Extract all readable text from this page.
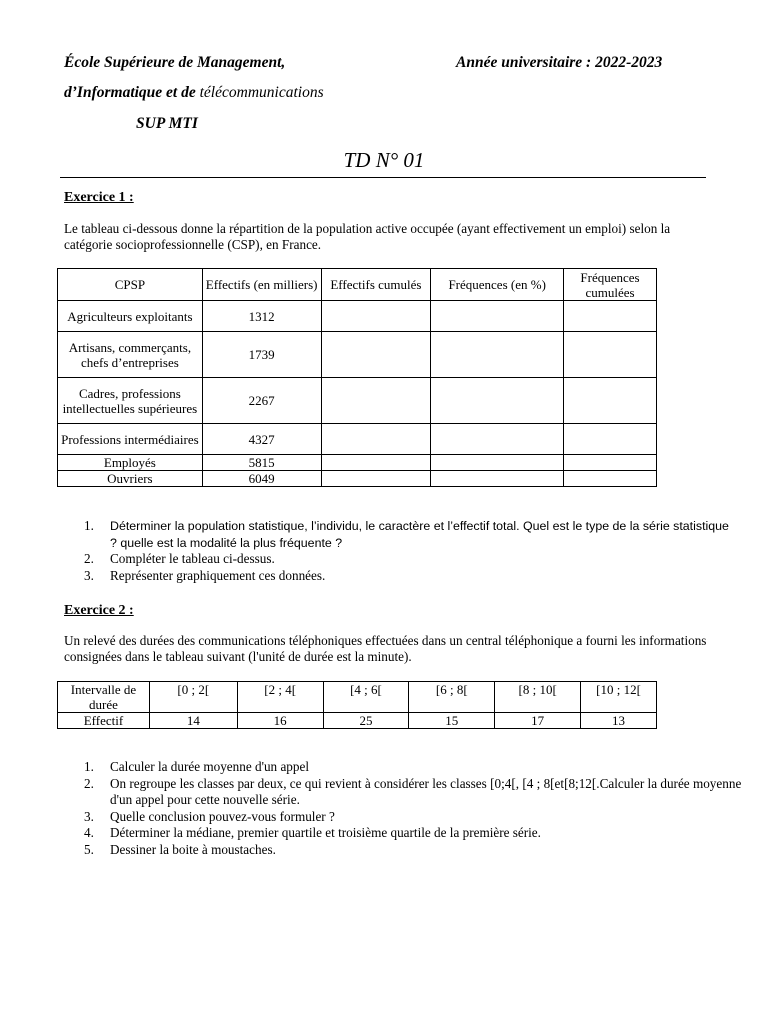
École Supérieure de Management,	Année universitaire : 2022-2023
d’Informatique et de télécommunications
SUP MTI
TD N° 01
Exercice 1 :
Le tableau ci-dessous donne la répartition de la population active occupée (ayant effectivement un emploi) selon la catégorie socioprofessionnelle (CSP), en France.
CPSP	Effectifs (en milliers)	Effectifs cumulés	Fréquences (en %)	Fréquences cumulées
Agriculteurs exploitants	1312			
Artisans, commerçants, chefs d’entreprises	1739			
Cadres, professions intellectuelles supérieures	2267			
Professions intermédiaires	4327			
Employés	5815			
Ouvriers	6049			
1. Déterminer la population statistique, l’individu, le caractère et l’effectif total. Quel est le type de la série statistique ? quelle est la modalité la plus fréquente ?
2. Compléter le tableau ci-dessus.
3. Représenter graphiquement ces données.
Exercice 2 :
Un relevé des durées des communications téléphoniques effectuées dans un central téléphonique a fourni les informations consignées dans le tableau suivant (l'unité de durée est la minute).
Intervalle de durée	[0 ; 2[	[2 ; 4[	[4 ; 6[	[6 ; 8[	[8 ; 10[	[10 ; 12[
Effectif	14	16	25	15	17	13
1. Calculer la durée moyenne d'un appel
2. On regroupe les classes par deux, ce qui revient à considérer les classes [0;4[, [4 ; 8[et[8;12[.Calculer la durée moyenne d'un appel pour cette nouvelle série.
3. Quelle conclusion pouvez-vous formuler ?
4. Déterminer la médiane, premier quartile et troisième quartile de la première série.
5. Dessiner la boite à moustaches.
